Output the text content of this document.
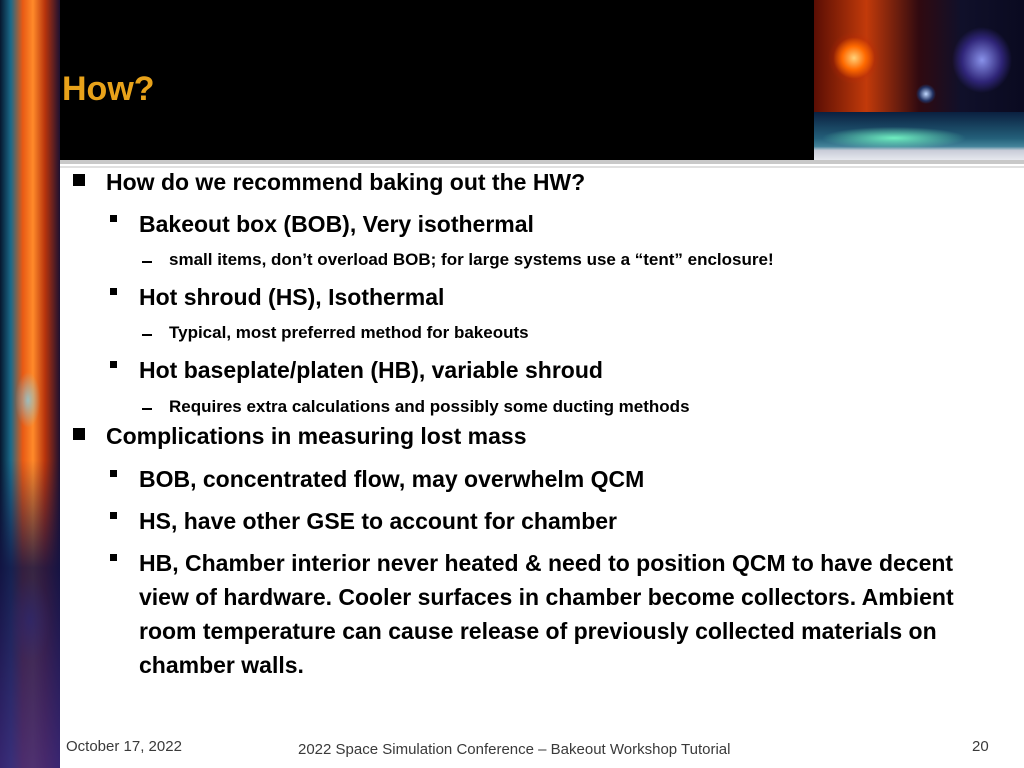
How?
How do we recommend baking out the HW?
Bakeout box (BOB), Very isothermal
small items, don’t overload BOB; for large systems use a “tent” enclosure!
Hot shroud (HS), Isothermal
Typical, most preferred method for bakeouts
Hot baseplate/platen (HB), variable shroud
Requires extra calculations and possibly some ducting methods
Complications in measuring lost mass
BOB, concentrated flow, may overwhelm QCM
HS, have other GSE to account for chamber
HB, Chamber interior never heated & need to position QCM to have decent view of hardware. Cooler surfaces in chamber become collectors. Ambient room temperature can cause release of previously collected materials on chamber walls.
October 17, 2022	2022 Space Simulation Conference – Bakeout Workshop Tutorial	20
